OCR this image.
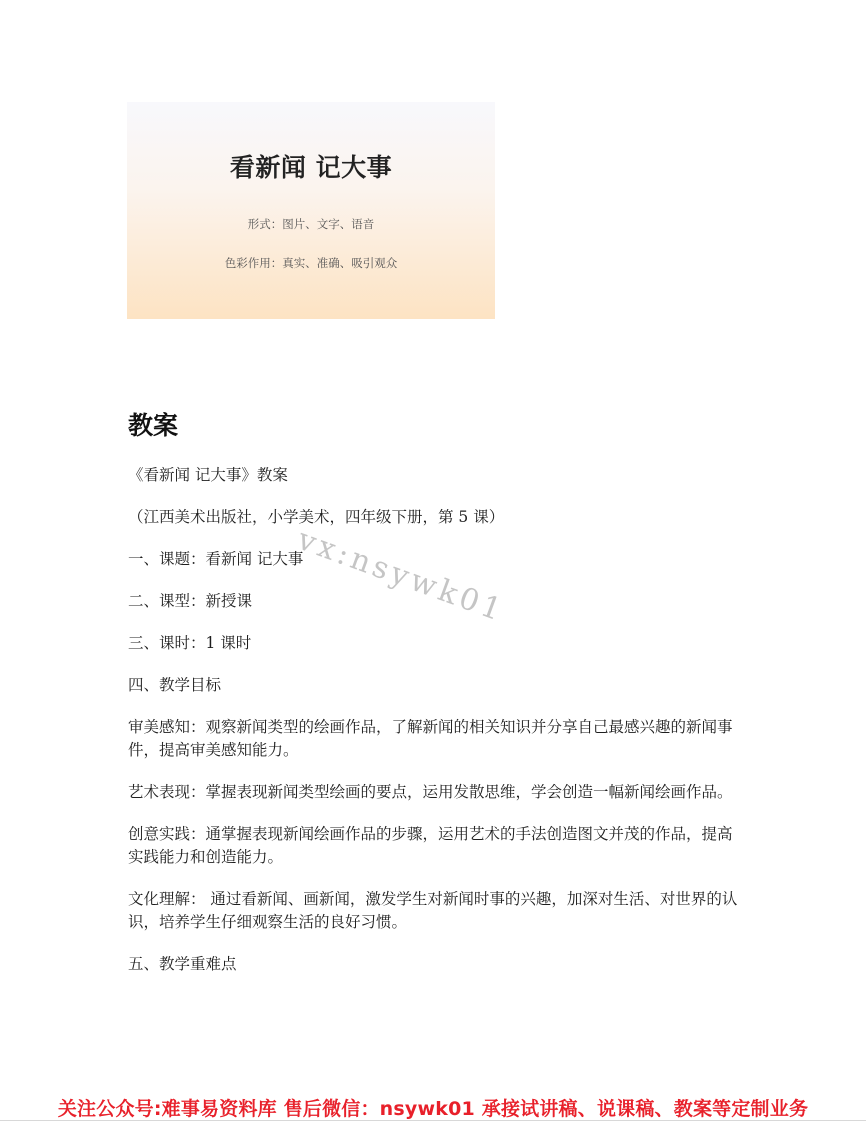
看新闻 记大事
形式：图片、文字、语音
色彩作用：真实、准确、吸引观众
教案

《看新闻 记大事》教案

（江西美术出版社，小学美术，四年级下册，第 5 课）

一、课题：看新闻 记大事

二、课型：新授课

三、课时：1 课时

四、教学目标

审美感知：观察新闻类型的绘画作品，了解新闻的相关知识并分享自己最感兴趣的新闻事件，提高审美感知能力。

艺术表现：掌握表现新闻类型绘画的要点，运用发散思维，学会创造一幅新闻绘画作品。

创意实践：通掌握表现新闻绘画作品的步骤，运用艺术的手法创造图文并茂的作品，提高实践能力和创造能力。

文化理解： 通过看新闻、画新闻，激发学生对新闻时事的兴趣，加深对生活、对世界的认识，培养学生仔细观察生活的良好习惯。

五、教学重难点

vx:nsywk01
关注公众号:难事易资料库 售后微信：nsywk01 承接试讲稿、说课稿、教案等定制业务
